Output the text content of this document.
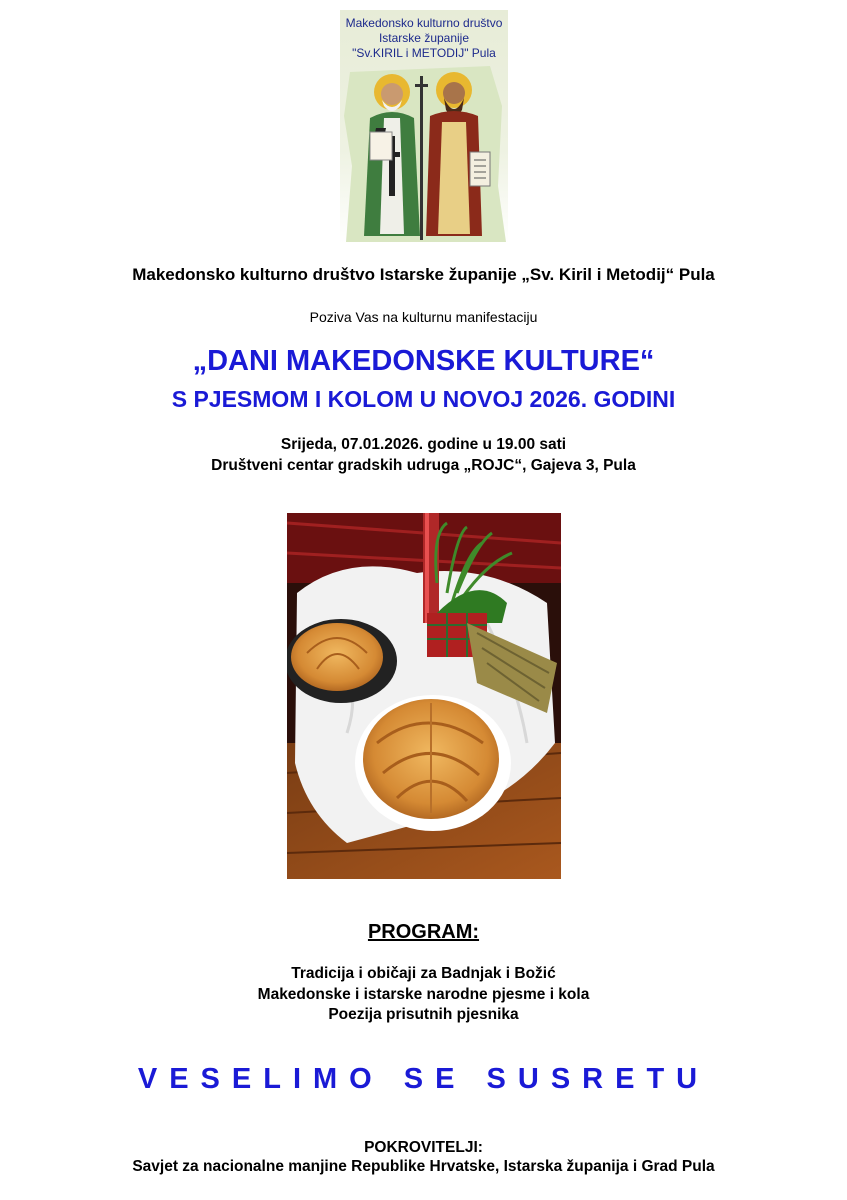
Makedonsko kulturno društvo
Istarske županije
"Sv.KIRIL i METODIJ" Pula
Makedonsko kulturno društvo Istarske županije „Sv. Kiril i Metodij“ Pula
Poziva Vas na kulturnu manifestaciju
„DANI MAKEDONSKE KULTURE“
S PJESMOM I KOLOM U NOVOJ 2026. GODINI
Srijeda, 07.01.2026. godine u 19.00 sati
Društveni centar gradskih udruga „ROJC“, Gajeva 3, Pula
PROGRAM:
Tradicija i običaji za Badnjak i Božić
Makedonske i istarske narodne pjesme i kola
Poezija prisutnih pjesnika
VESELIMO SE SUSRETU
POKROVITELJI:
Savjet za nacionalne manjine Republike Hrvatske, Istarska županija i Grad Pula
